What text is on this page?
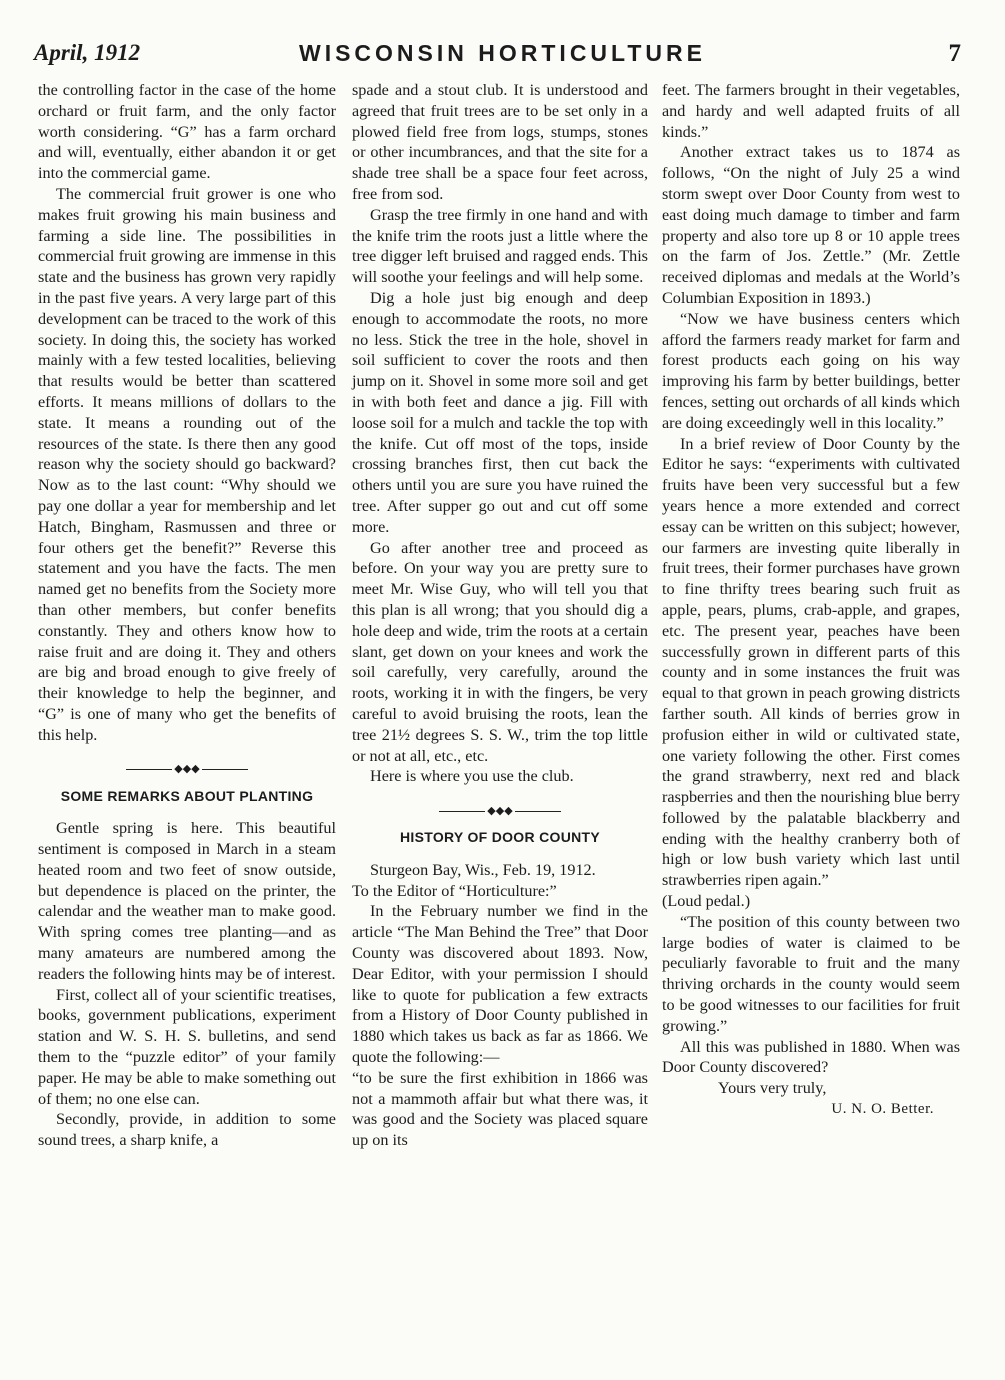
April, 1912	WISCONSIN HORTICULTURE	7

the controlling factor in the case of the home orchard or fruit farm, and the only factor worth considering. “G” has a farm orchard and will, eventually, either abandon it or get into the commercial game.

The commercial fruit grower is one who makes fruit growing his main business and farming a side line. The possibilities in commercial fruit growing are immense in this state and the business has grown very rapidly in the past five years. A very large part of this development can be traced to the work of this society. In doing this, the society has worked mainly with a few tested localities, believing that results would be better than scattered efforts. It means millions of dollars to the state. It means a rounding out of the resources of the state. Is there then any good reason why the society should go backward? Now as to the last count: “Why should we pay one dollar a year for membership and let Hatch, Bingham, Rasmussen and three or four others get the benefit?” Reverse this statement and you have the facts. The men named get no benefits from the Society more than other members, but confer benefits constantly. They and others know how to raise fruit and are doing it. They and others are big and broad enough to give freely of their knowledge to help the beginner, and “G” is one of many who get the benefits of this help.

◆◆◆
SOME REMARKS ABOUT PLANTING

Gentle spring is here. This beautiful sentiment is composed in March in a steam heated room and two feet of snow outside, but dependence is placed on the printer, the calendar and the weather man to make good. With spring comes tree planting—and as many amateurs are numbered among the readers the following hints may be of interest.

First, collect all of your scientific treatises, books, government publications, experiment station and W. S. H. S. bulletins, and send them to the “puzzle editor” of your family paper. He may be able to make something out of them; no one else can.

Secondly, provide, in addition to some sound trees, a sharp knife, a

spade and a stout club. It is understood and agreed that fruit trees are to be set only in a plowed field free from logs, stumps, stones or other incumbrances, and that the site for a shade tree shall be a space four feet across, free from sod.

Grasp the tree firmly in one hand and with the knife trim the roots just a little where the tree digger left bruised and ragged ends. This will soothe your feelings and will help some.

Dig a hole just big enough and deep enough to accommodate the roots, no more no less. Stick the tree in the hole, shovel in soil sufficient to cover the roots and then jump on it. Shovel in some more soil and get in with both feet and dance a jig. Fill with loose soil for a mulch and tackle the top with the knife. Cut off most of the tops, inside crossing branches first, then cut back the others until you are sure you have ruined the tree. After supper go out and cut off some more.

Go after another tree and proceed as before. On your way you are pretty sure to meet Mr. Wise Guy, who will tell you that this plan is all wrong; that you should dig a hole deep and wide, trim the roots at a certain slant, get down on your knees and work the soil carefully, very carefully, around the roots, working it in with the fingers, be very careful to avoid bruising the roots, lean the tree 21½ degrees S. S. W., trim the top little or not at all, etc., etc.

Here is where you use the club.

◆◆◆
HISTORY OF DOOR COUNTY

Sturgeon Bay, Wis., Feb. 19, 1912.

To the Editor of “Horticulture:”

In the February number we find in the article “The Man Behind the Tree” that Door County was discovered about 1893. Now, Dear Editor, with your permission I should like to quote for publication a few extracts from a History of Door County published in 1880 which takes us back as far as 1866. We quote the following:—

“to be sure the first exhibition in 1866 was not a mammoth affair but what there was, it was good and the Society was placed square up on its

feet. The farmers brought in their vegetables, and hardy and well adapted fruits of all kinds.”

Another extract takes us to 1874 as follows, “On the night of July 25 a wind storm swept over Door County from west to east doing much damage to timber and farm property and also tore up 8 or 10 apple trees on the farm of Jos. Zettle.” (Mr. Zettle received diplomas and medals at the World’s Columbian Exposition in 1893.)

“Now we have business centers which afford the farmers ready market for farm and forest products each going on his way improving his farm by better buildings, better fences, setting out orchards of all kinds which are doing exceedingly well in this locality.”

In a brief review of Door County by the Editor he says: “experiments with cultivated fruits have been very successful but a few years hence a more extended and correct essay can be written on this subject; however, our farmers are investing quite liberally in fruit trees, their former purchases have grown to fine thrifty trees bearing such fruit as apple, pears, plums, crab-apple, and grapes, etc. The present year, peaches have been successfully grown in different parts of this county and in some instances the fruit was equal to that grown in peach growing districts farther south. All kinds of berries grow in profusion either in wild or cultivated state, one variety following the other. First comes the grand strawberry, next red and black raspberries and then the nourishing blue berry followed by the palatable blackberry and ending with the healthy cranberry both of high or low bush variety which last until strawberries ripen again.”

(Loud pedal.)

“The position of this county between two large bodies of water is claimed to be peculiarly favorable to fruit and the many thriving orchards in the county would seem to be good witnesses to our facilities for fruit growing.”

All this was published in 1880. When was Door County discovered?

Yours very truly,

U. N. O. Better.
